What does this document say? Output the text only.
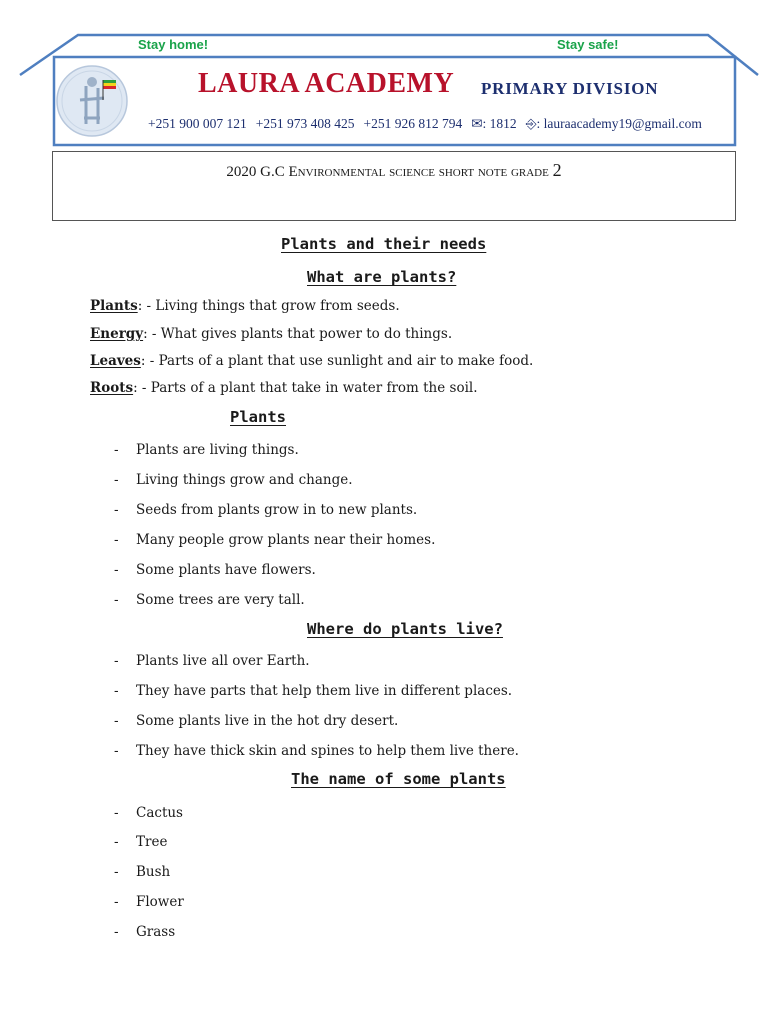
Stay home!	Stay safe!
LAURA ACADEMY PRIMARY DIVISION
+251 900 007 121 +251 973 408 425 +251 926 812 794 ✉: 1812 ⎆: lauraacademy19@gmail.com
2020 G.C Environmental science short note grade 2
Plants and their needs
What are plants?
Plants: - Living things that grow from seeds.
Energy: - What gives plants that power to do things.
Leaves: - Parts of a plant that use sunlight and air to make food.
Roots: - Parts of a plant that take in water from the soil.
Plants
- Plants are living things.
- Living things grow and change.
- Seeds from plants grow in to new plants.
- Many people grow plants near their homes.
- Some plants have flowers.
- Some trees are very tall.
Where do plants live?
- Plants live all over Earth.
- They have parts that help them live in different places.
- Some plants live in the hot dry desert.
- They have thick skin and spines to help them live there.
The name of some plants
- Cactus
- Tree
- Bush
- Flower
- Grass
